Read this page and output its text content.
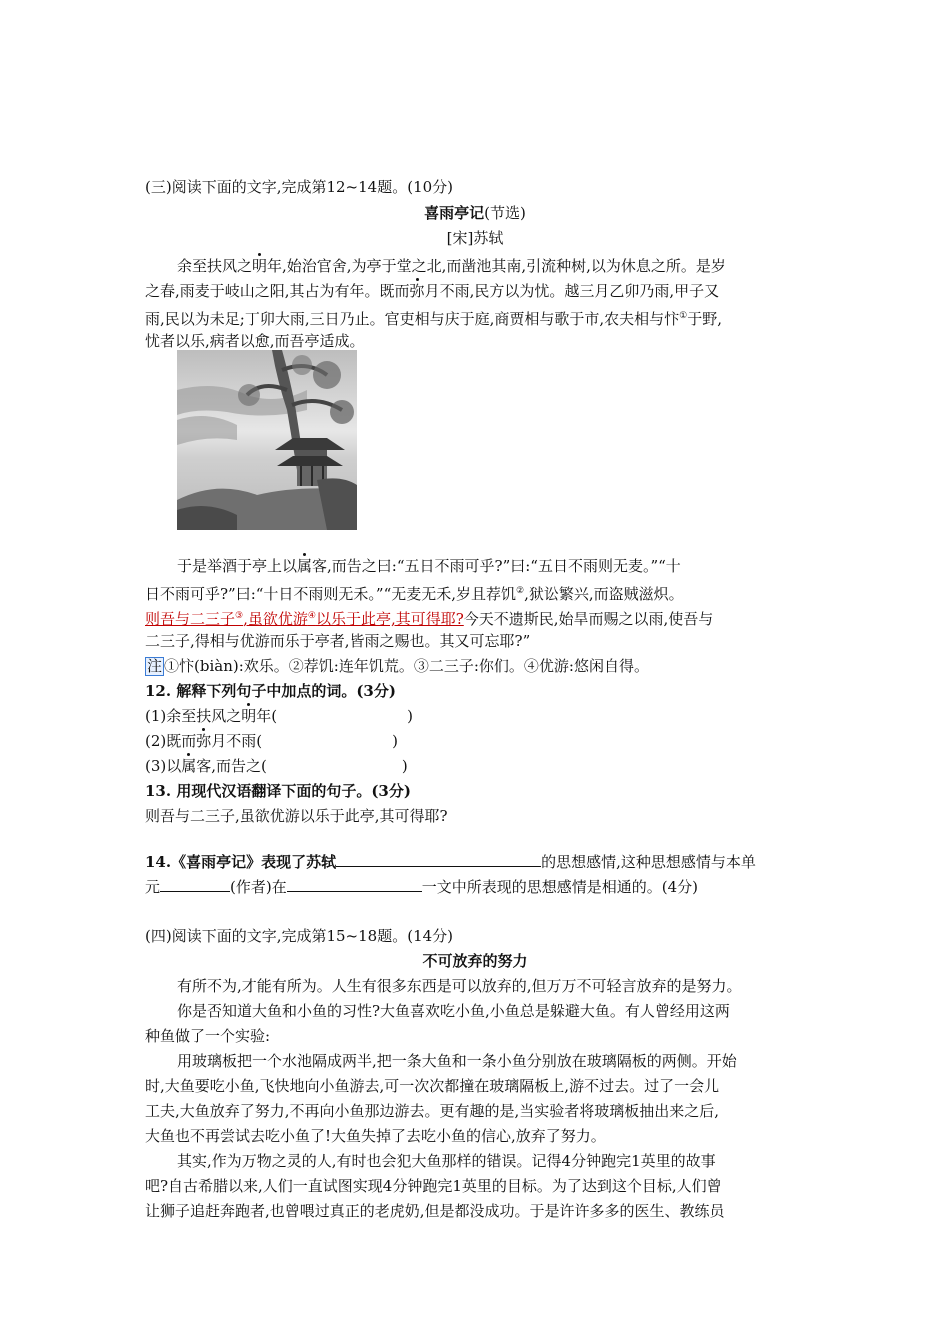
(三)阅读下面的文字,完成第12~14题。(10分)
喜雨亭记(节选)
[宋]苏轼
余至扶风之明年,始治官舍,为亭于堂之北,而凿池其南,引流种树,以为休息之所。是岁
之春,雨麦于岐山之阳,其占为有年。既而弥月不雨,民方以为忧。越三月乙卯乃雨,甲子又
雨,民以为未足;丁卯大雨,三日乃止。官吏相与庆于庭,商贾相与歌于市,农夫相与忭①于野,
忧者以乐,病者以愈,而吾亭适成。
于是举酒于亭上以属客,而告之曰:“五日不雨可乎?”曰:“五日不雨则无麦。”“十
日不雨可乎?”曰:“十日不雨则无禾。”“无麦无禾,岁且荐饥②,狱讼繁兴,而盗贼滋炽。
则吾与二三子③,虽欲优游④以乐于此亭,其可得耶?今天不遗斯民,始旱而赐之以雨,使吾与
二三子,得相与优游而乐于亭者,皆雨之赐也。其又可忘耶?”
注 ①忭(biàn):欢乐。②荐饥:连年饥荒。③二三子:你们。④优游:悠闲自得。
12. 解释下列句子中加点的词。(3分)
(1)余至扶风之明年(	)
(2)既而弥月不雨(	)
(3)以属客,而告之(	)
13. 用现代汉语翻译下面的句子。(3分)
则吾与二三子,虽欲优游以乐于此亭,其可得耶?
14.《喜雨亭记》表现了苏轼	的思想感情,这种思想感情与本单
元	(作者)在	一文中所表现的思想感情是相通的。(4分)
(四)阅读下面的文字,完成第15~18题。(14分)
不可放弃的努力
有所不为,才能有所为。人生有很多东西是可以放弃的,但万万不可轻言放弃的是努力。
你是否知道大鱼和小鱼的习性?大鱼喜欢吃小鱼,小鱼总是躲避大鱼。有人曾经用这两
种鱼做了一个实验:
用玻璃板把一个水池隔成两半,把一条大鱼和一条小鱼分别放在玻璃隔板的两侧。开始
时,大鱼要吃小鱼,飞快地向小鱼游去,可一次次都撞在玻璃隔板上,游不过去。过了一会儿
工夫,大鱼放弃了努力,不再向小鱼那边游去。更有趣的是,当实验者将玻璃板抽出来之后,
大鱼也不再尝试去吃小鱼了!大鱼失掉了去吃小鱼的信心,放弃了努力。
其实,作为万物之灵的人,有时也会犯大鱼那样的错误。记得4分钟跑完1英里的故事
吧?自古希腊以来,人们一直试图实现4分钟跑完1英里的目标。为了达到这个目标,人们曾
让狮子追赶奔跑者,也曾喂过真正的老虎奶,但是都没成功。于是许许多多的医生、教练员
